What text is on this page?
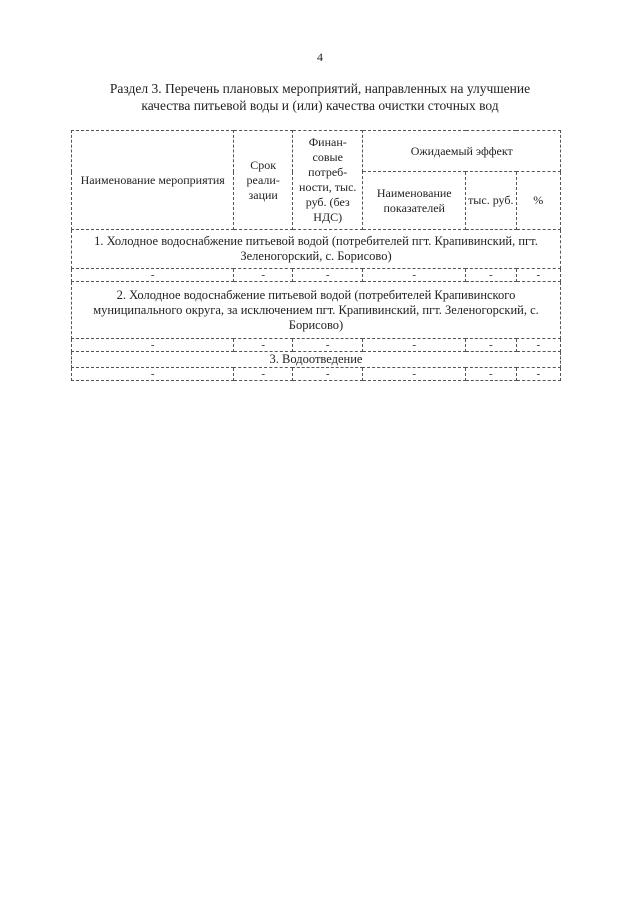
4
Раздел 3. Перечень плановых мероприятий, направленных на улучшение
качества питьевой воды и (или) качества очистки сточных вод
Наименование мероприятия	Срок реали- зации	Финан- совые потреб- ности, тыс. руб. (без НДС)	Ожидаемый эффект		
			Наименование показателей	тыс. руб.	%
1. Холодное водоснабжение питьевой водой (потребителей пгт. Крапивинский, пгт. Зеленогорский, с. Борисово)					
-	-	-	-	-	-
2. Холодное водоснабжение питьевой водой (потребителей Крапивинского муниципального округа, за исключением пгт. Крапивинский, пгт. Зеленогорский, с. Борисово)					
-	-	-	-	-	-
3. Водоотведение					
-	-	-	-	-	-
